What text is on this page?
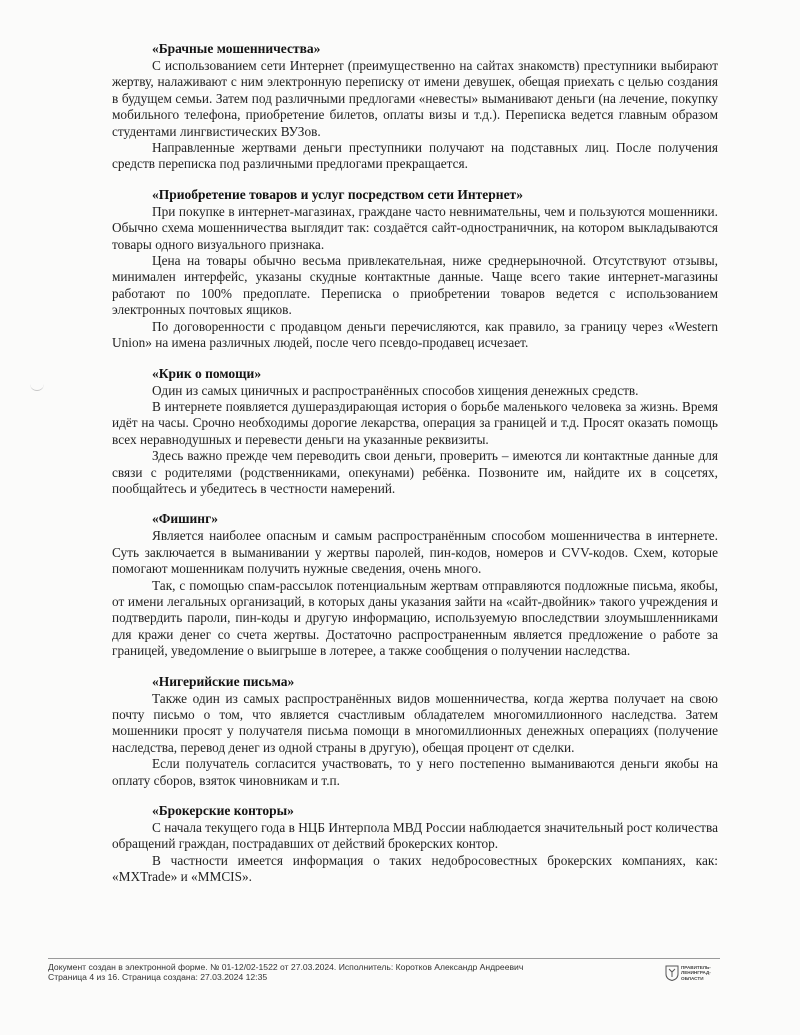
«Брачные мошенничества»

С использованием сети Интернет (преимущественно на сайтах знакомств) преступники выбирают жертву, налаживают с ним электронную переписку от имени девушек, обещая приехать с целью создания в будущем семьи. Затем под различными предлогами «невесты» выманивают деньги (на лечение, покупку мобильного телефона, приобретение билетов, оплаты визы и т.д.). Переписка ведется главным образом студентами лингвистических ВУЗов.

Направленные жертвами деньги преступники получают на подставных лиц. После получения средств переписка под различными предлогами прекращается.

«Приобретение товаров и услуг посредством сети Интернет»

При покупке в интернет-магазинах, граждане часто невнимательны, чем и пользуются мошенники. Обычно схема мошенничества выглядит так: создаётся сайт-одностраничник, на котором выкладываются товары одного визуального признака.

Цена на товары обычно весьма привлекательная, ниже среднерыночной. Отсутствуют отзывы, минимален интерфейс, указаны скудные контактные данные. Чаще всего такие интернет-магазины работают по 100% предоплате. Переписка о приобретении товаров ведется с использованием электронных почтовых ящиков.

По договоренности с продавцом деньги перечисляются, как правило, за границу через «Western Union» на имена различных людей, после чего псевдо-продавец исчезает.

«Крик о помощи»

Один из самых циничных и распространённых способов хищения денежных средств.

В интернете появляется душераздирающая история о борьбе маленького человека за жизнь. Время идёт на часы. Срочно необходимы дорогие лекарства, операция за границей и т.д. Просят оказать помощь всех неравнодушных и перевести деньги на указанные реквизиты.

Здесь важно прежде чем переводить свои деньги, проверить – имеются ли контактные данные для связи с родителями (родственниками, опекунами) ребёнка. Позвоните им, найдите их в соцсетях, пообщайтесь и убедитесь в честности намерений.

«Фишинг»

Является наиболее опасным и самым распространённым способом мошенничества в интернете. Суть заключается в выманивании у жертвы паролей, пин-кодов, номеров и CVV-кодов. Схем, которые помогают мошенникам получить нужные сведения, очень много.

Так, с помощью спам-рассылок потенциальным жертвам отправляются подложные письма, якобы, от имени легальных организаций, в которых даны указания зайти на «сайт-двойник» такого учреждения и подтвердить пароли, пин-коды и другую информацию, используемую впоследствии злоумышленниками для кражи денег со счета жертвы. Достаточно распространенным является предложение о работе за границей, уведомление о выигрыше в лотерее, а также сообщения о получении наследства.

«Нигерийские письма»

Также один из самых распространённых видов мошенничества, когда жертва получает на свою почту письмо о том, что является счастливым обладателем многомиллионного наследства. Затем мошенники просят у получателя письма помощи в многомиллионных денежных операциях (получение наследства, перевод денег из одной страны в другую), обещая процент от сделки.

Если получатель согласится участвовать, то у него постепенно выманиваются деньги якобы на оплату сборов, взяток чиновникам и т.п.

«Брокерские конторы»

С начала текущего года в НЦБ Интерпола МВД России наблюдается значительный рост количества обращений граждан, пострадавших от действий брокерских контор.

В частности имеется информация о таких недобросовестных брокерских компаниях, как: «MXTrade» и «MMCIS».

Документ создан в электронной форме. № 01-12/02-1522 от 27.03.2024. Исполнитель: Коротков Александр Андреевич
Страница 4 из 16. Страница создана: 27.03.2024 12:35
ПРАВИТЕЛЬ-
ЛЕНИНГРАД-
ОБЛАСТИ
